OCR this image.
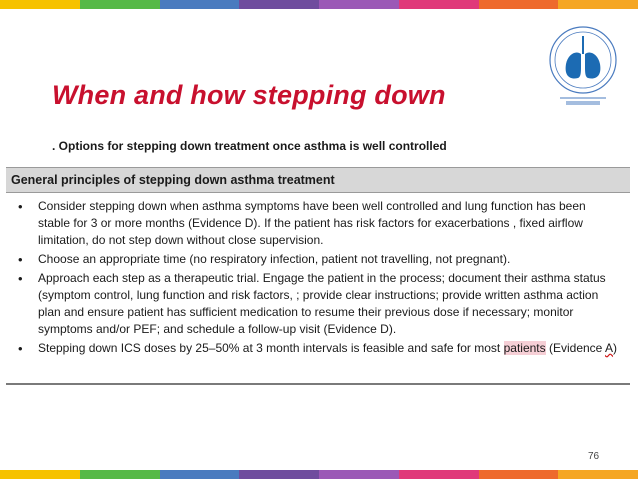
When and how stepping down
. Options for stepping down treatment once asthma is well controlled
General principles of stepping down asthma treatment
• Consider stepping down when asthma symptoms have been well controlled and lung function has been stable for 3 or more months (Evidence D). If the patient has risk factors for exacerbations , fixed airflow limitation, do not step down without close supervision.
• Choose an appropriate time (no respiratory infection, patient not travelling, not pregnant).
• Approach each step as a therapeutic trial. Engage the patient in the process; document their asthma status (symptom control, lung function and risk factors, ; provide clear instructions; provide written asthma action plan and ensure patient has sufficient medication to resume their previous dose if necessary; monitor symptoms and/or PEF; and schedule a follow-up visit (Evidence D).
• Stepping down ICS doses by 25–50% at 3 month intervals is feasible and safe for most patients (Evidence A)
76
